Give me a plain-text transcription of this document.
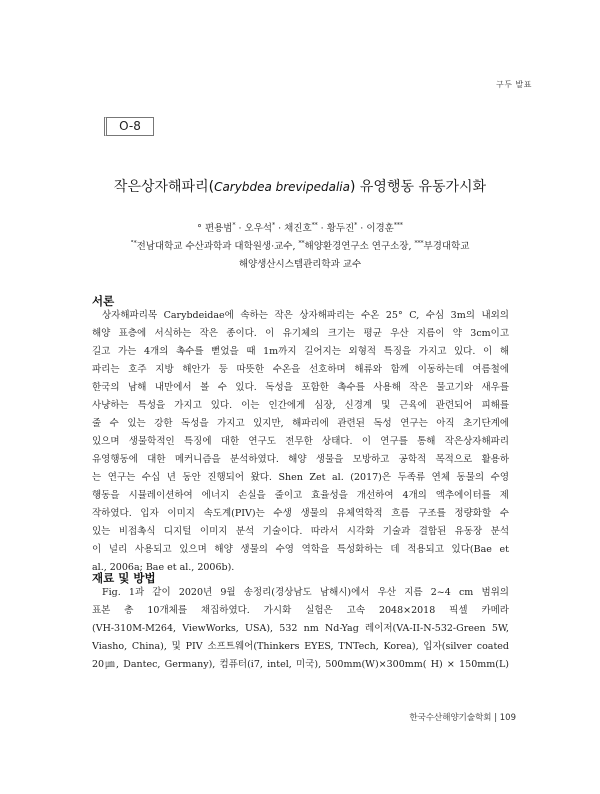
구두 발표
O-8
작은상자해파리(Carybdea brevipedalia) 유영행동 유동가시화
° 편용범* · 오우석* · 채진호** · 황두진* · 이경훈***
°*전남대학교 수산과학과 대학원생·교수, **해양환경연구소 연구소장, ***부경대학교
해양생산시스템관리학과 교수
서론
상자해파리목 Carybdeidae에 속하는 작은 상자해파리는 수온 25° C, 수심 3m의 내외의
해양 표층에 서식하는 작은 종이다. 이 유기체의 크기는 평균 우산 지름이 약 3cm이고
길고 가는 4개의 촉수를 뻗었을 때 1m까지 길어지는 외형적 특징을 가지고 있다. 이 해
파리는 호주 지방 해안가 등 따뜻한 수온을 선호하며 해류와 함께 이동하는데 여름철에
한국의 남해 내만에서 볼 수 있다. 독성을 포함한 촉수를 사용해 작은 물고기와 새우를
사냥하는 특성을 가지고 있다. 이는 인간에게 심장, 신경계 및 근육에 관련되어 피해를
줄 수 있는 강한 독성을 가지고 있지만, 해파리에 관련된 독성 연구는 아직 초기단계에
있으며 생물학적인 특징에 대한 연구도 전무한 상태다. 이 연구를 통해 작은상자해파리
유영행동에 대한 메커니즘을 분석하였다. 해양 생물을 모방하고 공학적 목적으로 활용하
는 연구는 수십 년 동안 진행되어 왔다. Shen Zet al. (2017)은 두족류 연체 동물의 수영
행동을 시뮬레이션하여 에너지 손실을 줄이고 효율성을 개선하여 4개의 액추에이터를 제
작하였다. 입자 이미지 속도계(PIV)는 수생 생물의 유체역학적 흐름 구조를 정량화할 수
있는 비접촉식 디지털 이미지 분석 기술이다. 따라서 시각화 기술과 결합된 유동장 분석
이 널리 사용되고 있으며 해양 생물의 수영 역학을 특성화하는 데 적용되고 있다(Bae et
al., 2006a; Bae et al., 2006b).
재료 및 방법
Fig. 1과 같이 2020년 9월 송정리(경상남도 남해시)에서 우산 지름 2~4 cm 범위의
표본 총 10개체를 채집하였다. 가시화 실험은 고속 2048×2018 픽셀 카메라
(VH-310M-M264, ViewWorks, USA), 532 nm Nd-Yag 레이저(VA-II-N-532-Green 5W,
Viasho, China), 및 PIV 소프트웨어(Thinkers EYES, TNTech, Korea), 입자(silver coated
20㎛, Dantec, Germany), 컴퓨터(i7, intel, 미국), 500mm(W)×300mm( H) × 150mm(L)
한국수산해양기술학회 | 109
